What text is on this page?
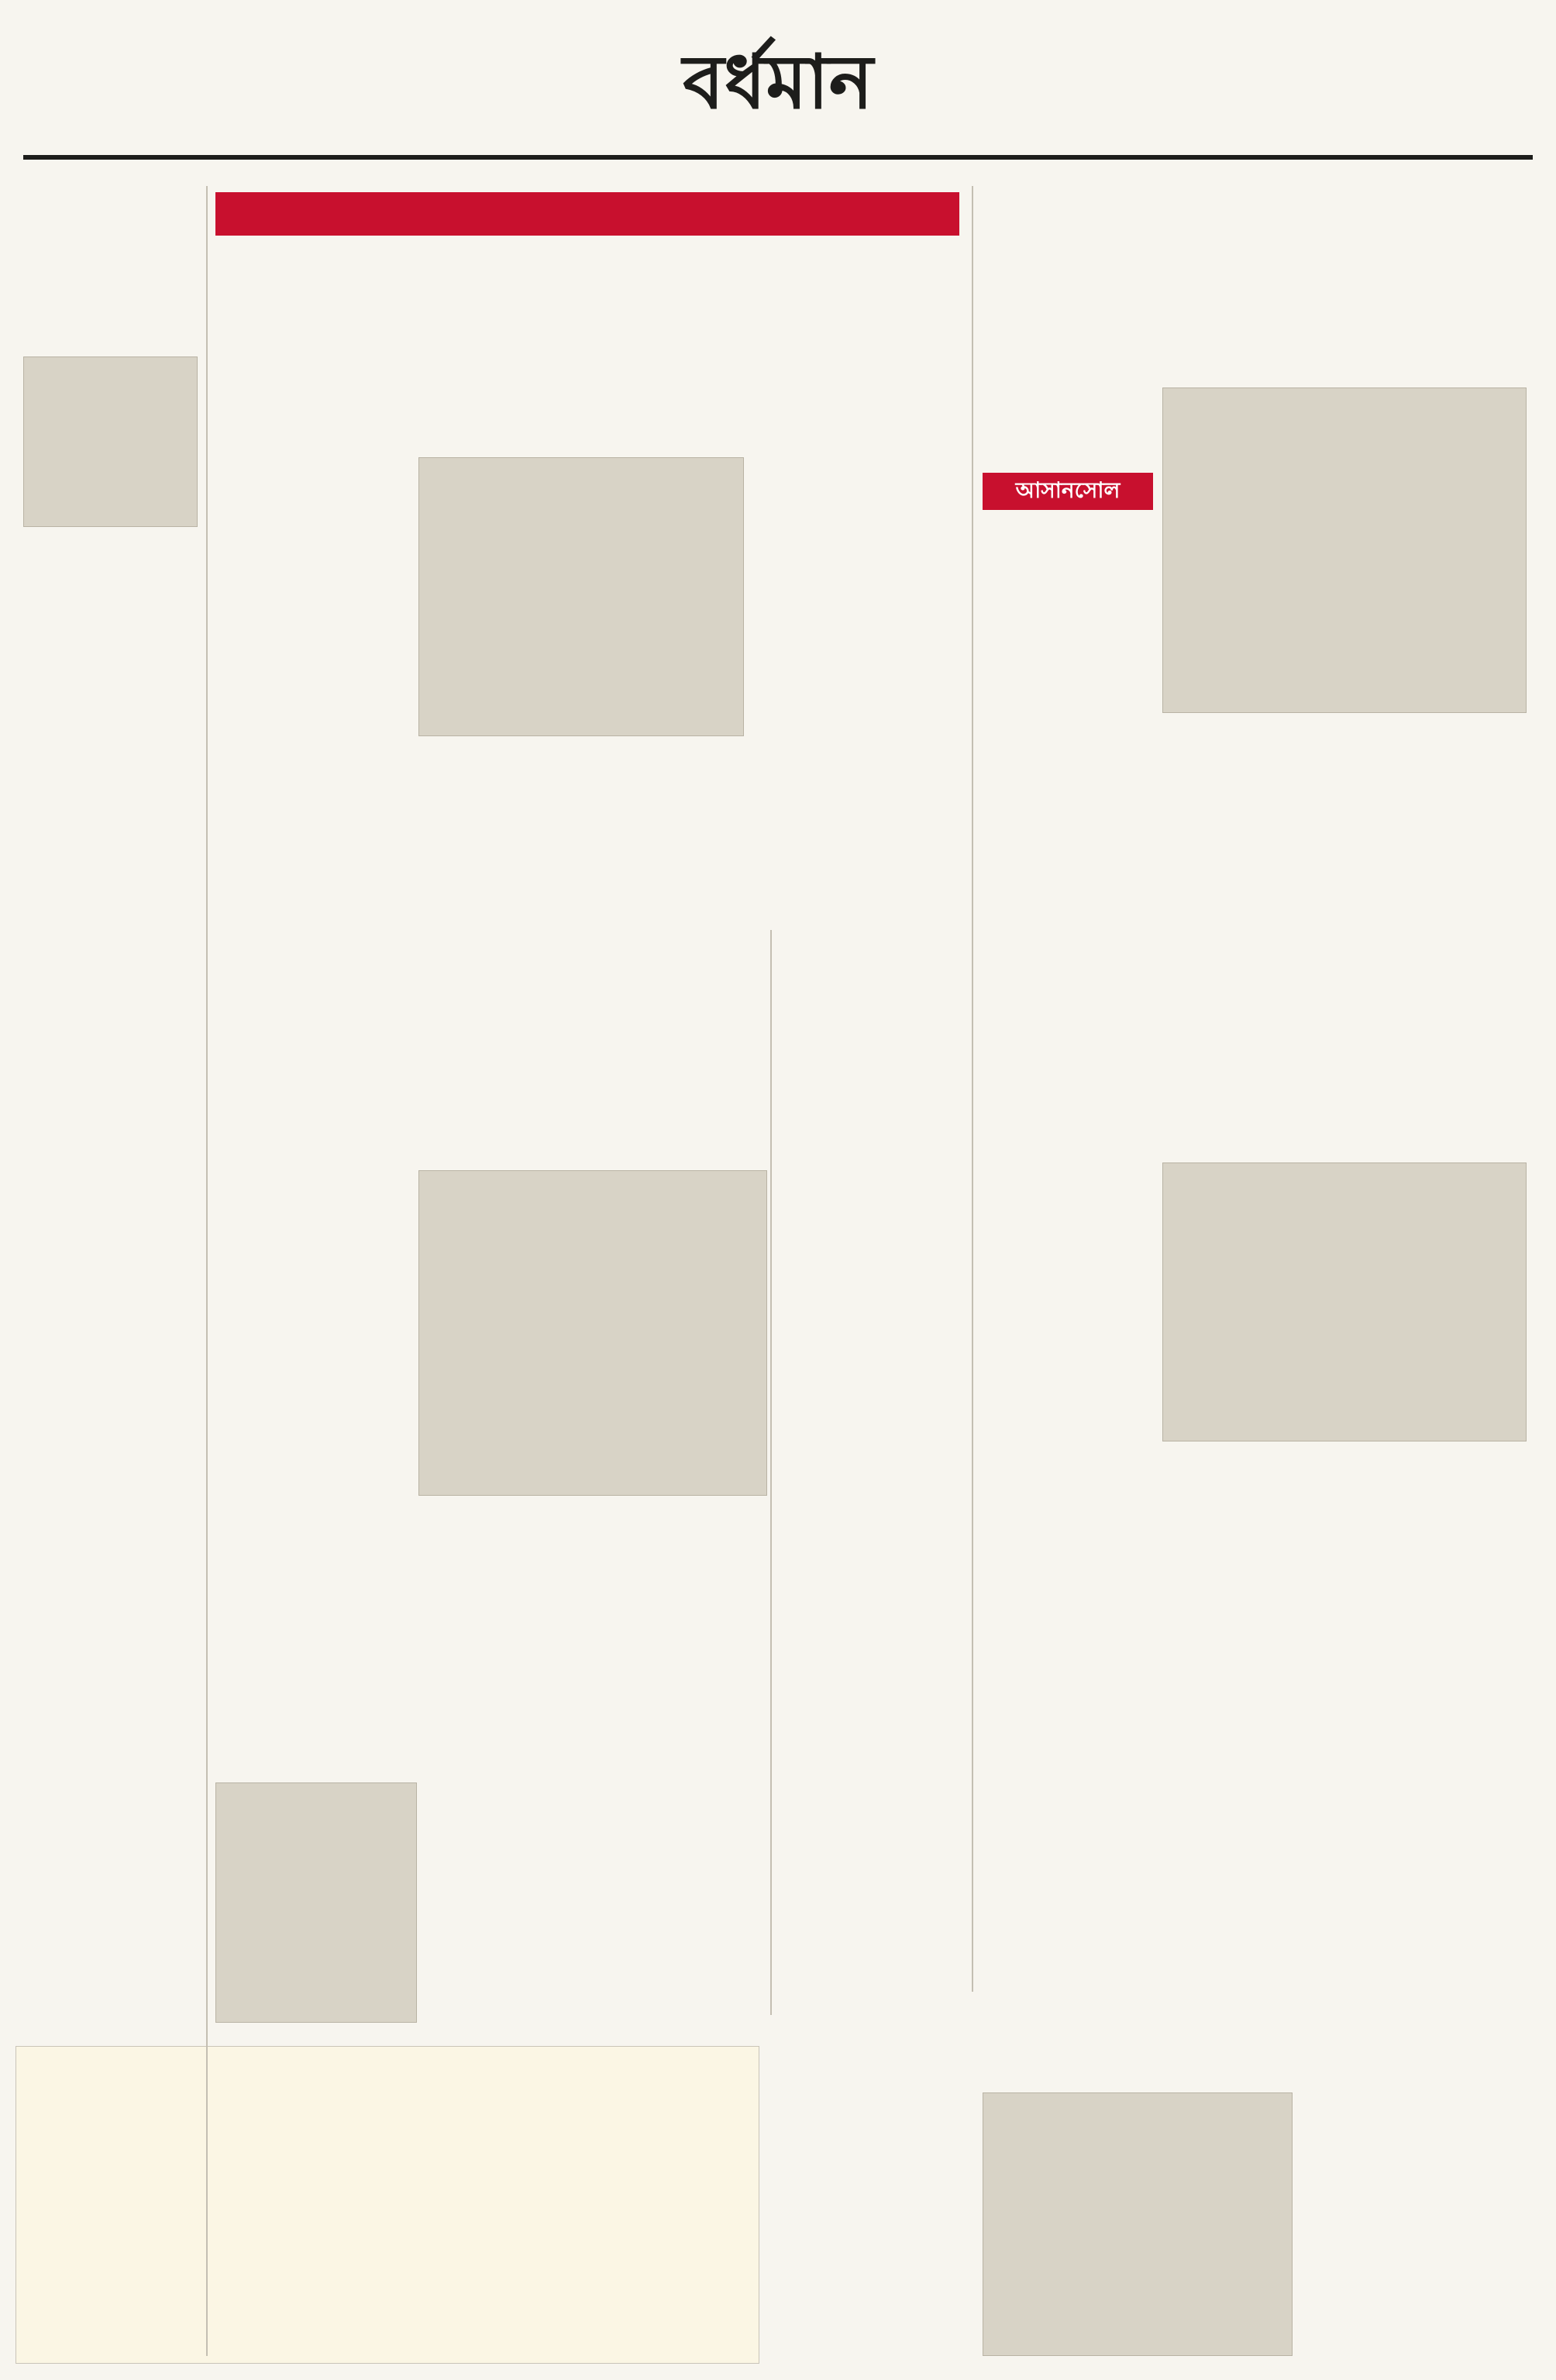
বর্ধমান
আসানসোল
